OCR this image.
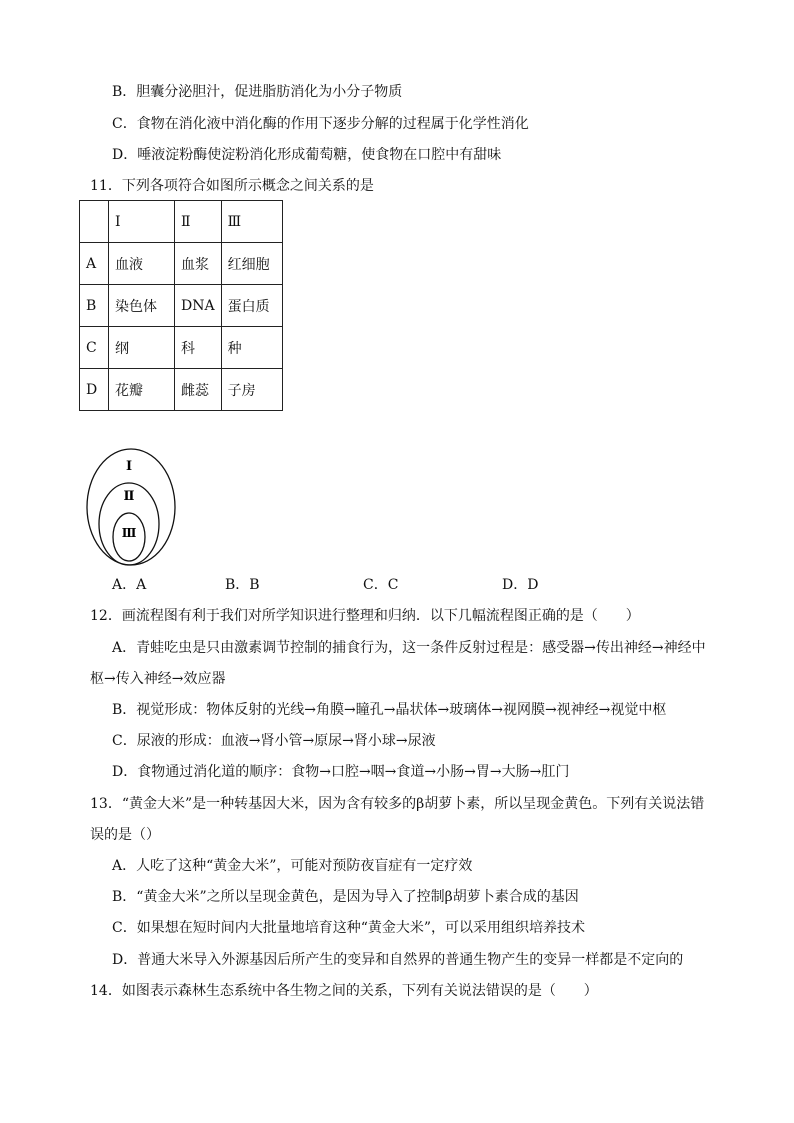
B．胆囊分泌胆汁，促进脂肪消化为小分子物质
C．食物在消化液中消化酶的作用下逐步分解的过程属于化学性消化
D．唾液淀粉酶使淀粉消化形成葡萄糖，使食物在口腔中有甜味
11．下列各项符合如图所示概念之间关系的是
	Ⅰ	Ⅱ	Ⅲ
A	血液	血浆	红细胞
B	染色体	DNA	蛋白质
C	纲	科	种
D	花瓣	雌蕊	子房
Ⅰ
Ⅱ
Ⅲ
A．A	B．B	C．C	D．D
12．画流程图有利于我们对所学知识进行整理和归纳．以下几幅流程图正确的是（　　）
A．青蛙吃虫是只由激素调节控制的捕食行为，这一条件反射过程是：感受器→传出神经→神经中
枢→传入神经→效应器
B．视觉形成：物体反射的光线→角膜→瞳孔→晶状体→玻璃体→视网膜→视神经→视觉中枢
C．尿液的形成：血液→肾小管→原尿→肾小球→尿液
D．食物通过消化道的顺序：食物→口腔→咽→食道→小肠→胃→大肠→肛门
13．“黄金大米”是一种转基因大米，因为含有较多的β胡萝卜素，所以呈现金黄色。下列有关说法错
误的是（）
A．人吃了这种“黄金大米”，可能对预防夜盲症有一定疗效
B．“黄金大米”之所以呈现金黄色，是因为导入了控制β胡萝卜素合成的基因
C．如果想在短时间内大批量地培育这种“黄金大米”，可以采用组织培养技术
D．普通大米导入外源基因后所产生的变异和自然界的普通生物产生的变异一样都是不定向的
14．如图表示森林生态系统中各生物之间的关系，下列有关说法错误的是（　　）
